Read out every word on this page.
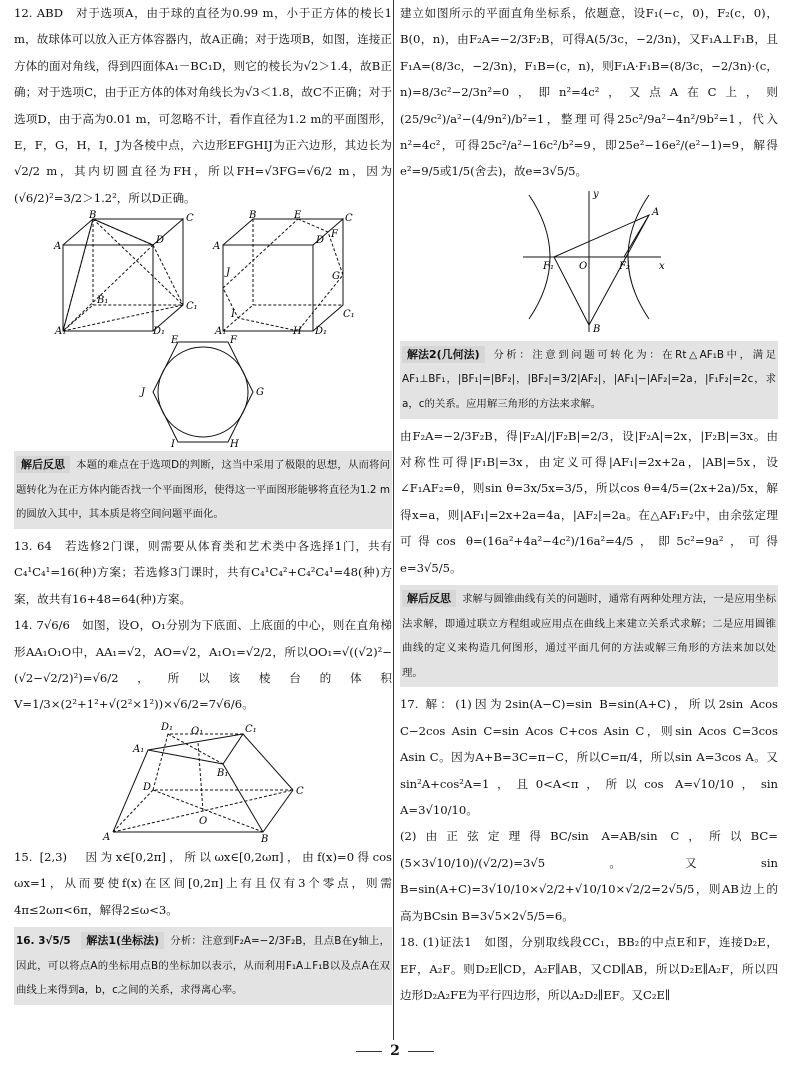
12. ABD　对于选项A，由于球的直径为0.99 m，小于正方体的棱长1 m，故球体可以放入正方体容器内，故A正确；对于选项B，如图，连接正方体的面对角线，得到四面体A₁－BC₁D，则它的棱长为√2＞1.4，故B正确；对于选项C，由于正方体的体对角线长为√3＜1.8，故C不正确；对于选项D，由于高为0.01 m，可忽略不计，看作直径为1.2 m的平面图形，E，F，G，H，I，J为各棱中点，六边形EFGHIJ为正六边形，其边长为√2/2 m，其内切圆直径为FH，所以FH=√3FG=√6/2 m，因为(√6/2)²=3/2＞1.2²，所以D正确。

B	C
A
D
B₁
C₁
A₁	D₁
B	E	C
F
A
D
J	G
I	C₁
A₁	H D₁
E	F
J	G
I	H

解后反思 本题的难点在于选项D的判断，这当中采用了极限的思想，从而将问题转化为在正方体内能否找一个平面图形，使得这一平面图形能够将直径为1.2 m的圆放入其中，其本质是将空间问题平面化。

13. 64　若选修2门课，则需要从体育类和艺术类中各选择1门，共有C₄¹C₄¹=16(种)方案；若选修3门课时，共有C₄¹C₄²+C₄²C₄¹=48(种)方案，故共有16+48=64(种)方案。

14. 7√6/6　如图，设O，O₁分别为下底面、上底面的中心，则在直角梯形AA₁O₁O中，AA₁=√2，AO=√2，A₁O₁=√2/2，所以OO₁=√((√2)²−(√2−√2/2)²)=√6/2，所以该棱台的体积V=1/3×(2²+1²+√(2²×1²))×√6/2=7√6/6。

D₁ O₁	C₁
A₁
B₁
D
O
C
A	B

15. [2,3)　因为x∈[0,2π]，所以ωx∈[0,2ωπ]，由f(x)=0得cos ωx=1，从而要使f(x)在区间[0,2π]上有且仅有3个零点，则需4π≤2ωπ<6π，解得2≤ω<3。

16. 3√5/5　 解法1(坐标法) 分析：注意到F₂A=−2/3F₂B，且点B在y轴上，因此，可以将点A的坐标用点B的坐标加以表示，从而利用F₁A⊥F₁B以及点A在双曲线上来得到a，b，c之间的关系，求得离心率。

建立如图所示的平面直角坐标系，依题意，设F₁(−c，0)，F₂(c，0)，B(0，n)，由F₂A=−2/3F₂B，可得A(5/3c，−2/3n)，又F₁A⊥F₁B，且F₁A=(8/3c，−2/3n)，F₁B=(c，n)，则F₁A·F₁B=(8/3c，−2/3n)·(c，n)=8/3c²−2/3n²=0，即n²=4c²，又点A在C上，则(25/9c²)/a²−(4/9n²)/b²=1，整理可得25c²/9a²−4n²/9b²=1，代入n²=4c²，可得25c²/a²−16c²/b²=9，即25e²−16e²/(e²−1)=9，解得e²=9/5或1/5(舍去)，故e=3√5/5。

y
A
F₁	O	F₂	x
B

解法2(几何法) 分析：注意到问题可转化为：在Rt△AF₁B中，满足AF₁⊥BF₁，|BF₁|=|BF₂|，|BF₂|=3/2|AF₂|，|AF₁|−|AF₂|=2a，|F₁F₂|=2c，求a，c的关系。应用解三角形的方法来求解。

由F₂A=−2/3F₂B，得|F₂A|/|F₂B|=2/3，设|F₂A|=2x，|F₂B|=3x。由对称性可得|F₁B|=3x，由定义可得|AF₁|=2x+2a，|AB|=5x，设∠F₁AF₂=θ，则sin θ=3x/5x=3/5，所以cos θ=4/5=(2x+2a)/5x，解得x=a，则|AF₁|=2x+2a=4a，|AF₂|=2a。在△AF₁F₂中，由余弦定理可得cos θ=(16a²+4a²−4c²)/16a²=4/5，即5c²=9a²，可得e=3√5/5。

解后反思 求解与圆锥曲线有关的问题时，通常有两种处理方法，一是应用坐标法求解，即通过联立方程组或应用点在曲线上来建立关系式求解；二是应用圆锥曲线的定义来构造几何图形，通过平面几何的方法或解三角形的方法来加以处理。

17. 解：(1)因为2sin(A−C)=sin B=sin(A+C)，所以2sin Acos C−2cos Asin C=sin Acos C+cos Asin C，则sin Acos C=3cos Asin C。因为A+B=3C=π−C，所以C=π/4，所以sin A=3cos A。又sin²A+cos²A=1，且0<A<π，所以cos A=√10/10，sin A=3√10/10。

(2)由正弦定理得BC/sin A=AB/sin C，所以BC=(5×3√10/10)/(√2/2)=3√5。又sin B=sin(A+C)=3√10/10×√2/2+√10/10×√2/2=2√5/5，则AB边上的高为BCsin B=3√5×2√5/5=6。

18. (1)证法1　如图，分别取线段CC₁，BB₂的中点E和F，连接D₂E，EF，A₂F。则D₂E∥CD，A₂F∥AB，又CD∥AB，所以D₂E∥A₂F，所以四边形D₂A₂FE为平行四边形，所以A₂D₂∥EF。又C₂E∥

2
